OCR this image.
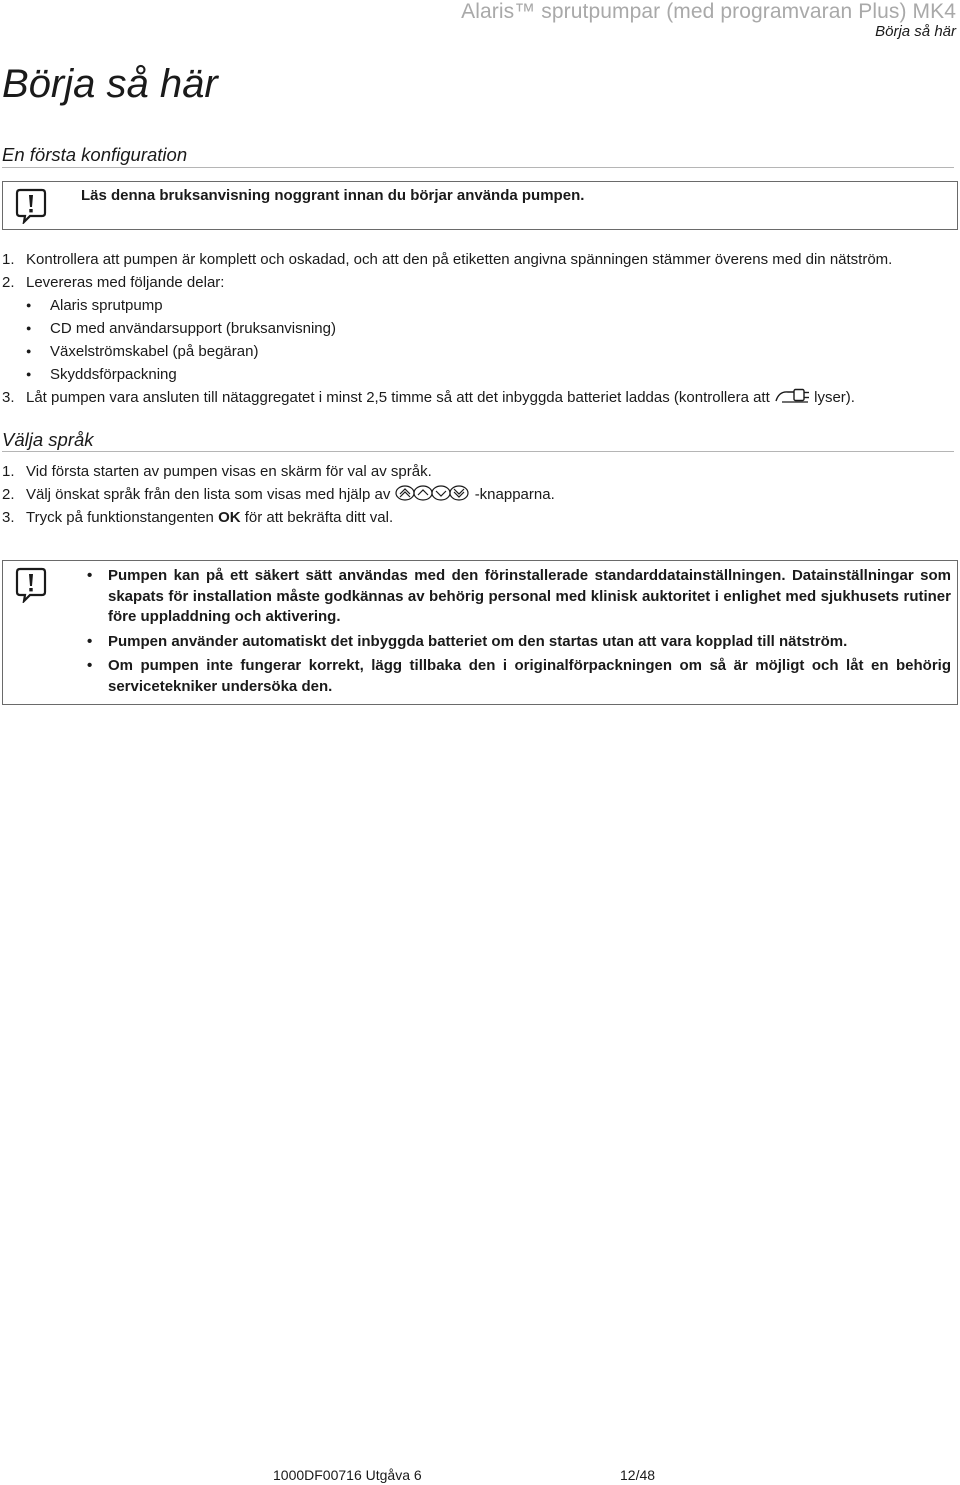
Alaris™ sprutpumpar (med programvaran Plus) MK4
Börja så här
Börja så här
En första konfiguration
Läs denna bruksanvisning noggrant innan du börjar använda pumpen.
1. Kontrollera att pumpen är komplett och oskadad, och att den på etiketten angivna spänningen stämmer överens med din nätström.
2. Levereras med följande delar:
● Alaris sprutpump
● CD med användarsupport (bruksanvisning)
● Växelströmskabel (på begäran)
● Skyddsförpackning
3. Låt pumpen vara ansluten till nätaggregatet i minst 2,5 timme så att det inbyggda batteriet laddas (kontrollera att	lyser).
Välja språk
1. Vid första starten av pumpen visas en skärm för val av språk.
2. Välj önskat språk från den lista som visas med hjälp av	-knapparna.
3. Tryck på funktionstangenten OK för att bekräfta ditt val.
• Pumpen kan på ett säkert sätt användas med den förinstallerade standarddatainställningen. Datainställningar som skapats för installation måste godkännas av behörig personal med klinisk auktoritet i enlighet med sjukhusets rutiner före uppladdning och aktivering.
• Pumpen använder automatiskt det inbyggda batteriet om den startas utan att vara kopplad till nätström.
• Om pumpen inte fungerar korrekt, lägg tillbaka den i originalförpackningen om så är möjligt och låt en behörig servicetekniker undersöka den.
1000DF00716 Utgåva 6	12/48
